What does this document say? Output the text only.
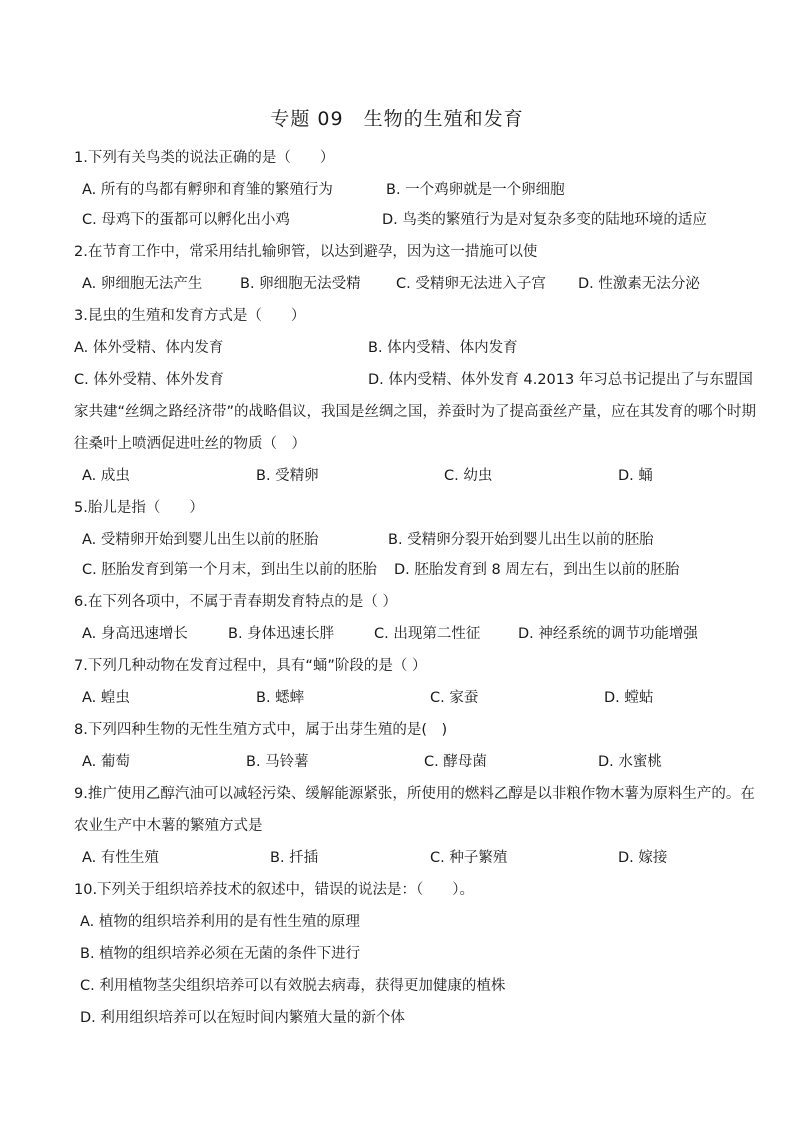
专题 09　生物的生殖和发育
1.下列有关鸟类的说法正确的是（　　）
A. 所有的鸟都有孵卵和育雏的繁殖行为	B. 一个鸡卵就是一个卵细胞
C. 母鸡下的蛋都可以孵化出小鸡	D. 鸟类的繁殖行为是对复杂多变的陆地环境的适应
2.在节育工作中，常采用结扎输卵管，以达到避孕，因为这一措施可以使
A. 卵细胞无法产生	B. 卵细胞无法受精 C. 受精卵无法进入子宫 D. 性激素无法分泌
3.昆虫的生殖和发育方式是（　　）
A. 体外受精、体内发育	B. 体内受精、体内发育
C. 体外受精、体外发育	D. 体内受精、体外发育 4.2013 年习总书记提出了与东盟国
家共建“丝绸之路经济带”的战略倡议，我国是丝绸之国，养蚕时为了提高蚕丝产量，应在其发育的哪个时期
往桑叶上喷洒促进吐丝的物质（　）
A. 成虫	B. 受精卵	C. 幼虫	D. 蛹
5.胎儿是指（　　）
A. 受精卵开始到婴儿出生以前的胚胎	B. 受精卵分裂开始到婴儿出生以前的胚胎
C. 胚胎发育到第一个月末，到出生以前的胚胎 D. 胚胎发育到 8 周左右，到出生以前的胚胎
6.在下列各项中，不属于青春期发育特点的是（ ）
A. 身高迅速增长	B. 身体迅速长胖	C. 出现第二性征	D. 神经系统的调节功能增强
7.下列几种动物在发育过程中，具有“蛹”阶段的是（ ）
A. 蝗虫	B. 蟋蟀	C. 家蚕	D. 螳蛄
8.下列四种生物的无性生殖方式中，属于出芽生殖的是(　)
A. 葡萄	B. 马铃薯	C. 酵母菌	D. 水蜜桃
9.推广使用乙醇汽油可以减轻污染、缓解能源紧张，所使用的燃料乙醇是以非粮作物木薯为原料生产的。在
农业生产中木薯的繁殖方式是
A. 有性生殖	B. 扦插	C. 种子繁殖	D. 嫁接
10.下列关于组织培养技术的叙述中，错误的说法是：（　　）。
A. 植物的组织培养利用的是有性生殖的原理
B. 植物的组织培养必须在无菌的条件下进行
C. 利用植物茎尖组织培养可以有效脱去病毒，获得更加健康的植株
D. 利用组织培养可以在短时间内繁殖大量的新个体
